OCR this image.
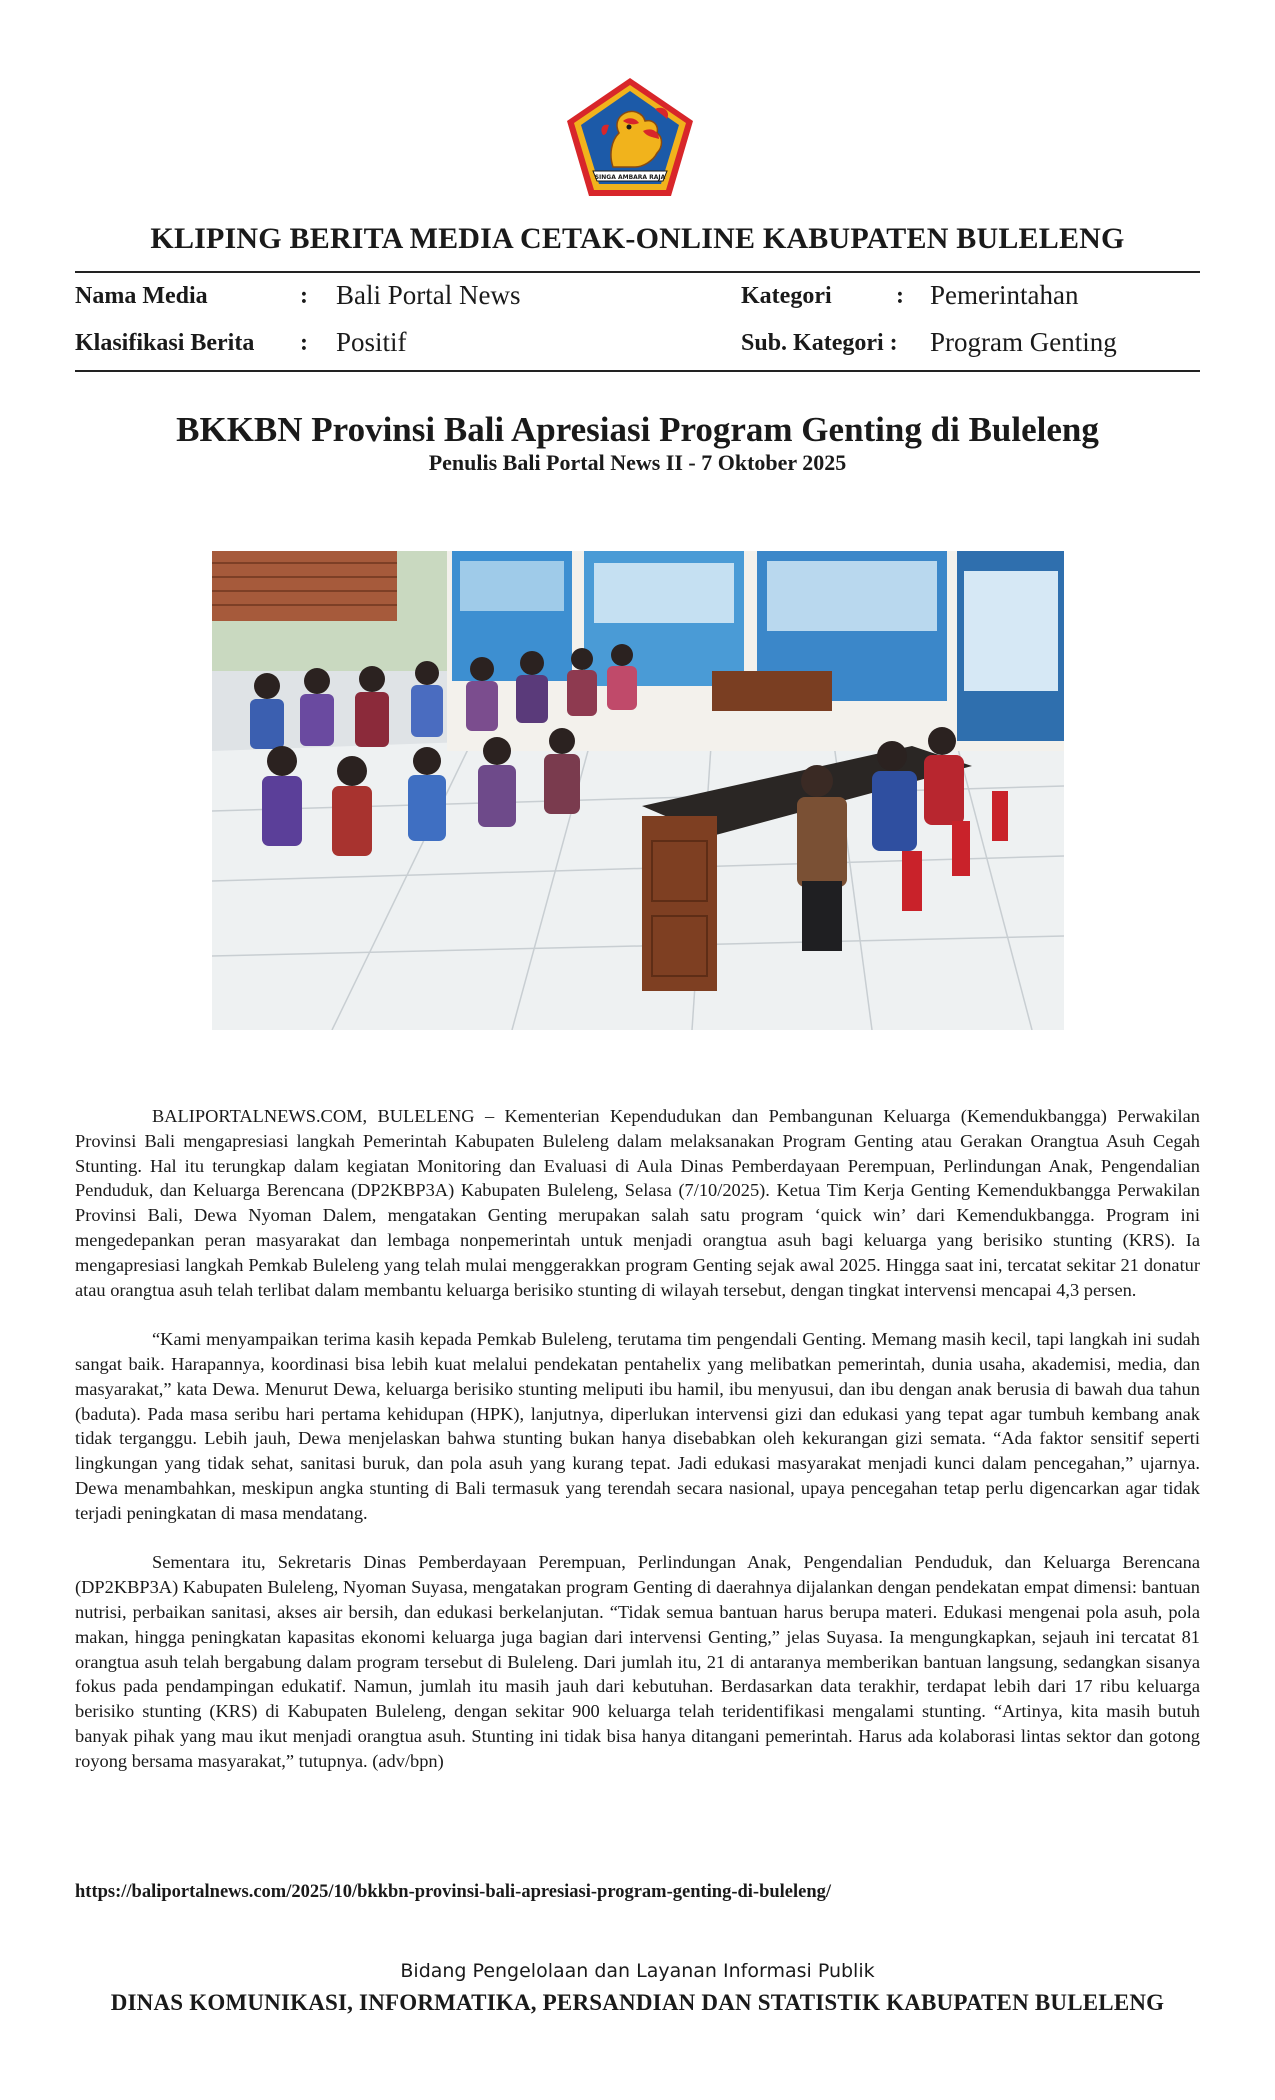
SINGA AMBARA RAJA
KLIPING BERITA MEDIA CETAK-ONLINE KABUPATEN BULELENG
Nama Media	: Bali Portal News	Kategori	: Pemerintahan
Klasifikasi Berita : Positif	Sub. Kategori : Program Genting
BKKBN Provinsi Bali Apresiasi Program Genting di Buleleng
Penulis Bali Portal News II - 7 Oktober 2025

BALIPORTALNEWS.COM, BULELENG – Kementerian Kependudukan dan Pembangunan Keluarga (Kemendukbangga) Perwakilan Provinsi Bali mengapresiasi langkah Pemerintah Kabupaten Buleleng dalam melaksanakan Program Genting atau Gerakan Orangtua Asuh Cegah Stunting. Hal itu terungkap dalam kegiatan Monitoring dan Evaluasi di Aula Dinas Pemberdayaan Perempuan, Perlindungan Anak, Pengendalian Penduduk, dan Keluarga Berencana (DP2KBP3A) Kabupaten Buleleng, Selasa (7/10/2025). Ketua Tim Kerja Genting Kemendukbangga Perwakilan Provinsi Bali, Dewa Nyoman Dalem, mengatakan Genting merupakan salah satu program ‘quick win’ dari Kemendukbangga. Program ini mengedepankan peran masyarakat dan lembaga nonpemerintah untuk menjadi orangtua asuh bagi keluarga yang berisiko stunting (KRS). Ia mengapresiasi langkah Pemkab Buleleng yang telah mulai menggerakkan program Genting sejak awal 2025. Hingga saat ini, tercatat sekitar 21 donatur atau orangtua asuh telah terlibat dalam membantu keluarga berisiko stunting di wilayah tersebut, dengan tingkat intervensi mencapai 4,3 persen.

“Kami menyampaikan terima kasih kepada Pemkab Buleleng, terutama tim pengendali Genting. Memang masih kecil, tapi langkah ini sudah sangat baik. Harapannya, koordinasi bisa lebih kuat melalui pendekatan pentahelix yang melibatkan pemerintah, dunia usaha, akademisi, media, dan masyarakat,” kata Dewa. Menurut Dewa, keluarga berisiko stunting meliputi ibu hamil, ibu menyusui, dan ibu dengan anak berusia di bawah dua tahun (baduta). Pada masa seribu hari pertama kehidupan (HPK), lanjutnya, diperlukan intervensi gizi dan edukasi yang tepat agar tumbuh kembang anak tidak terganggu. Lebih jauh, Dewa menjelaskan bahwa stunting bukan hanya disebabkan oleh kekurangan gizi semata. “Ada faktor sensitif seperti lingkungan yang tidak sehat, sanitasi buruk, dan pola asuh yang kurang tepat. Jadi edukasi masyarakat menjadi kunci dalam pencegahan,” ujarnya. Dewa menambahkan, meskipun angka stunting di Bali termasuk yang terendah secara nasional, upaya pencegahan tetap perlu digencarkan agar tidak terjadi peningkatan di masa mendatang.

Sementara itu, Sekretaris Dinas Pemberdayaan Perempuan, Perlindungan Anak, Pengendalian Penduduk, dan Keluarga Berencana (DP2KBP3A) Kabupaten Buleleng, Nyoman Suyasa, mengatakan program Genting di daerahnya dijalankan dengan pendekatan empat dimensi: bantuan nutrisi, perbaikan sanitasi, akses air bersih, dan edukasi berkelanjutan. “Tidak semua bantuan harus berupa materi. Edukasi mengenai pola asuh, pola makan, hingga peningkatan kapasitas ekonomi keluarga juga bagian dari intervensi Genting,” jelas Suyasa. Ia mengungkapkan, sejauh ini tercatat 81 orangtua asuh telah bergabung dalam program tersebut di Buleleng. Dari jumlah itu, 21 di antaranya memberikan bantuan langsung, sedangkan sisanya fokus pada pendampingan edukatif. Namun, jumlah itu masih jauh dari kebutuhan. Berdasarkan data terakhir, terdapat lebih dari 17 ribu keluarga berisiko stunting (KRS) di Kabupaten Buleleng, dengan sekitar 900 keluarga telah teridentifikasi mengalami stunting. “Artinya, kita masih butuh banyak pihak yang mau ikut menjadi orangtua asuh. Stunting ini tidak bisa hanya ditangani pemerintah. Harus ada kolaborasi lintas sektor dan gotong royong bersama masyarakat,” tutupnya. (adv/bpn)

https://baliportalnews.com/2025/10/bkkbn-provinsi-bali-apresiasi-program-genting-di-buleleng/
Bidang Pengelolaan dan Layanan Informasi Publik
DINAS KOMUNIKASI, INFORMATIKA, PERSANDIAN DAN STATISTIK KABUPATEN BULELENG
